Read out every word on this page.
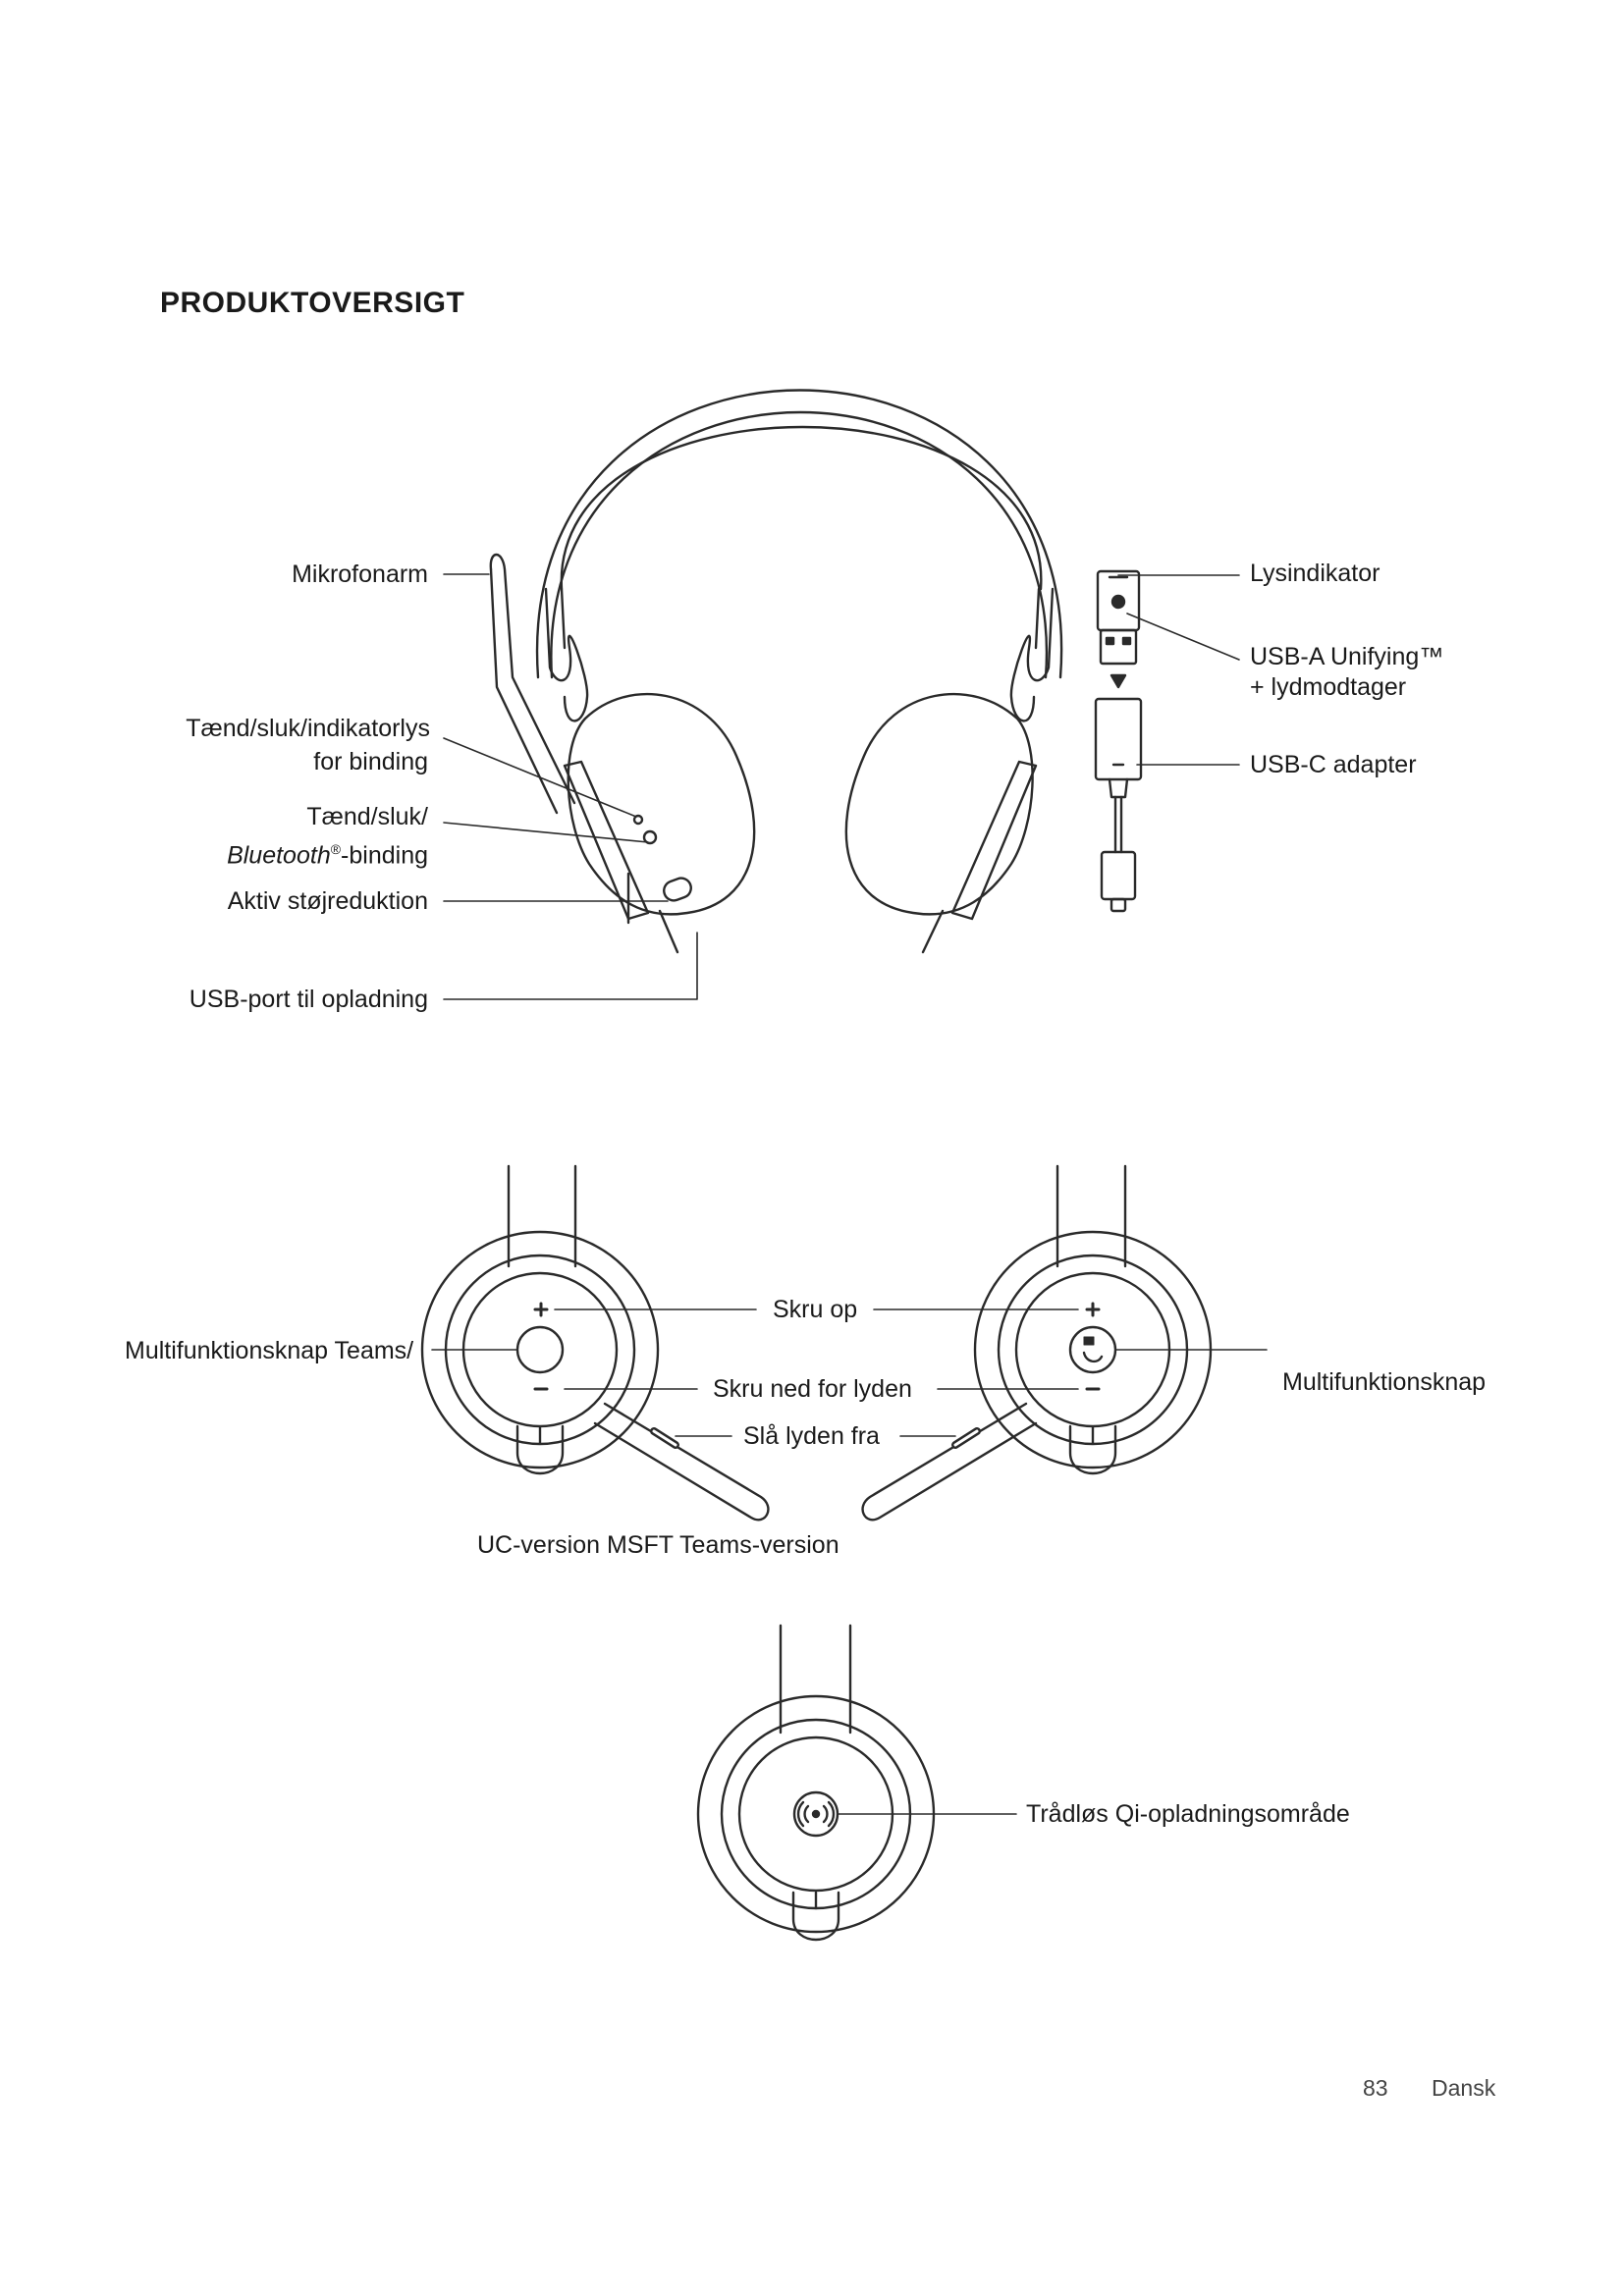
PRODUKTOVERSIGT
Mikrofonarm
Tænd/sluk/indikatorlys
for binding
Tænd/sluk/
Bluetooth®-binding
Aktiv støjreduktion
USB-port til opladning
Lysindikator
USB-A Unifying™
+ lydmodtager
USB-C adapter
Skru op
Skru ned for lyden
Slå lyden fra
Multifunktionsknap Teams/
Multifunktionsknap
UC-version MSFT Teams-version
Trådløs Qi-opladningsområde
83 Dansk
